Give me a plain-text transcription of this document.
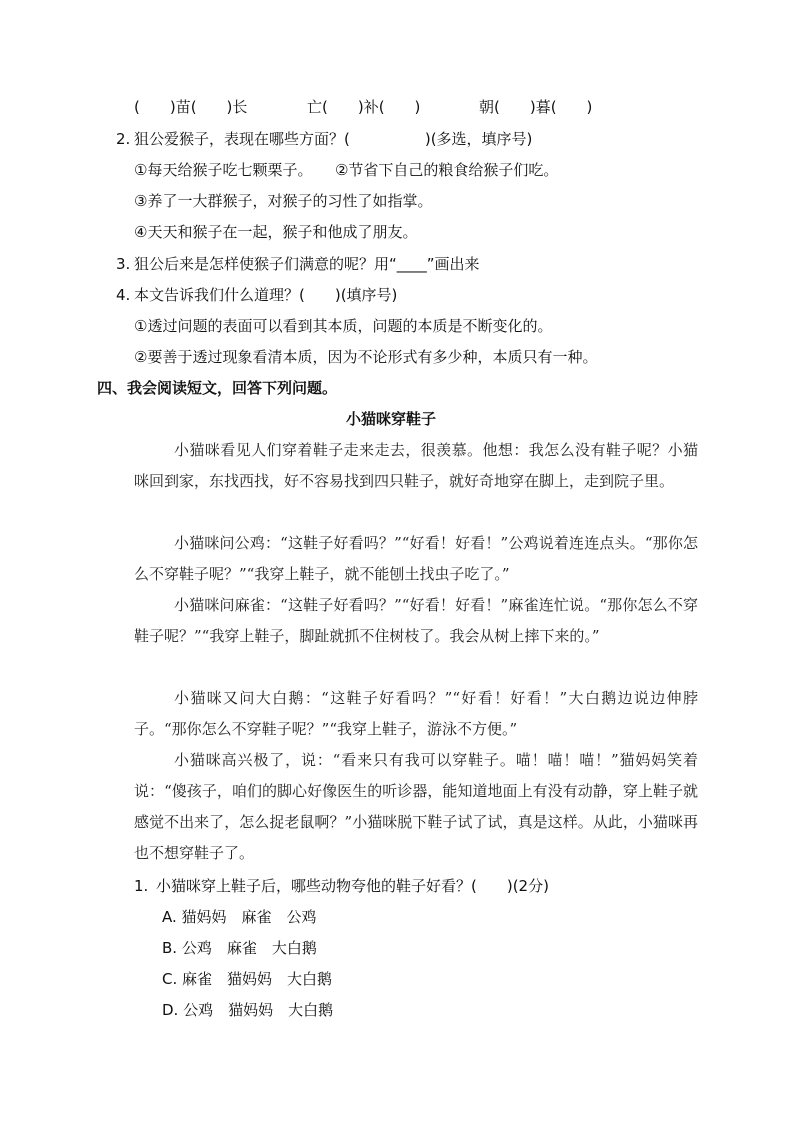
(　　)苗(　　)长	亡(　　)补(　　)	朝(　　)暮(　　)
2. 狙公爱猴子，表现在哪些方面？(　　　　　)(多选，填序号)
①每天给猴子吃七颗栗子。　　②节省下自己的粮食给猴子们吃。
③养了一大群猴子，对猴子的习性了如指掌。
④天天和猴子在一起，猴子和他成了朋友。
3. 狙公后来是怎样使猴子们满意的呢？用“____”画出来
4. 本文告诉我们什么道理？(　　)(填序号)
①透过问题的表面可以看到其本质，问题的本质是不断变化的。
②要善于透过现象看清本质，因为不论形式有多少种，本质只有一种。
四、我会阅读短文，回答下列问题。
小猫咪穿鞋子
小猫咪看见人们穿着鞋子走来走去，很羡慕。他想：我怎么没有鞋子呢？小猫咪回到家，东找西找，好不容易找到四只鞋子，就好奇地穿在脚上，走到院子里。
小猫咪问公鸡：“这鞋子好看吗？”“好看！好看！”公鸡说着连连点头。“那你怎么不穿鞋子呢？”“我穿上鞋子，就不能刨土找虫子吃了。”
小猫咪问麻雀：“这鞋子好看吗？”“好看！好看！”麻雀连忙说。“那你怎么不穿鞋子呢？”“我穿上鞋子，脚趾就抓不住树枝了。我会从树上摔下来的。”
小猫咪又问大白鹅：“这鞋子好看吗？”“好看！好看！”大白鹅边说边伸脖子。“那你怎么不穿鞋子呢？”“我穿上鞋子，游泳不方便。”
小猫咪高兴极了，说：“看来只有我可以穿鞋子。喵！喵！喵！”猫妈妈笑着说：“傻孩子，咱们的脚心好像医生的听诊器，能知道地面上有没有动静，穿上鞋子就感觉不出来了，怎么捉老鼠啊？”小猫咪脱下鞋子试了试，真是这样。从此，小猫咪再也不想穿鞋子了。
1. 小猫咪穿上鞋子后，哪些动物夸他的鞋子好看？(　　)(2分)
A. 猫妈妈　麻雀　公鸡
B. 公鸡　麻雀　大白鹅
C. 麻雀　猫妈妈　大白鹅
D. 公鸡　猫妈妈　大白鹅
